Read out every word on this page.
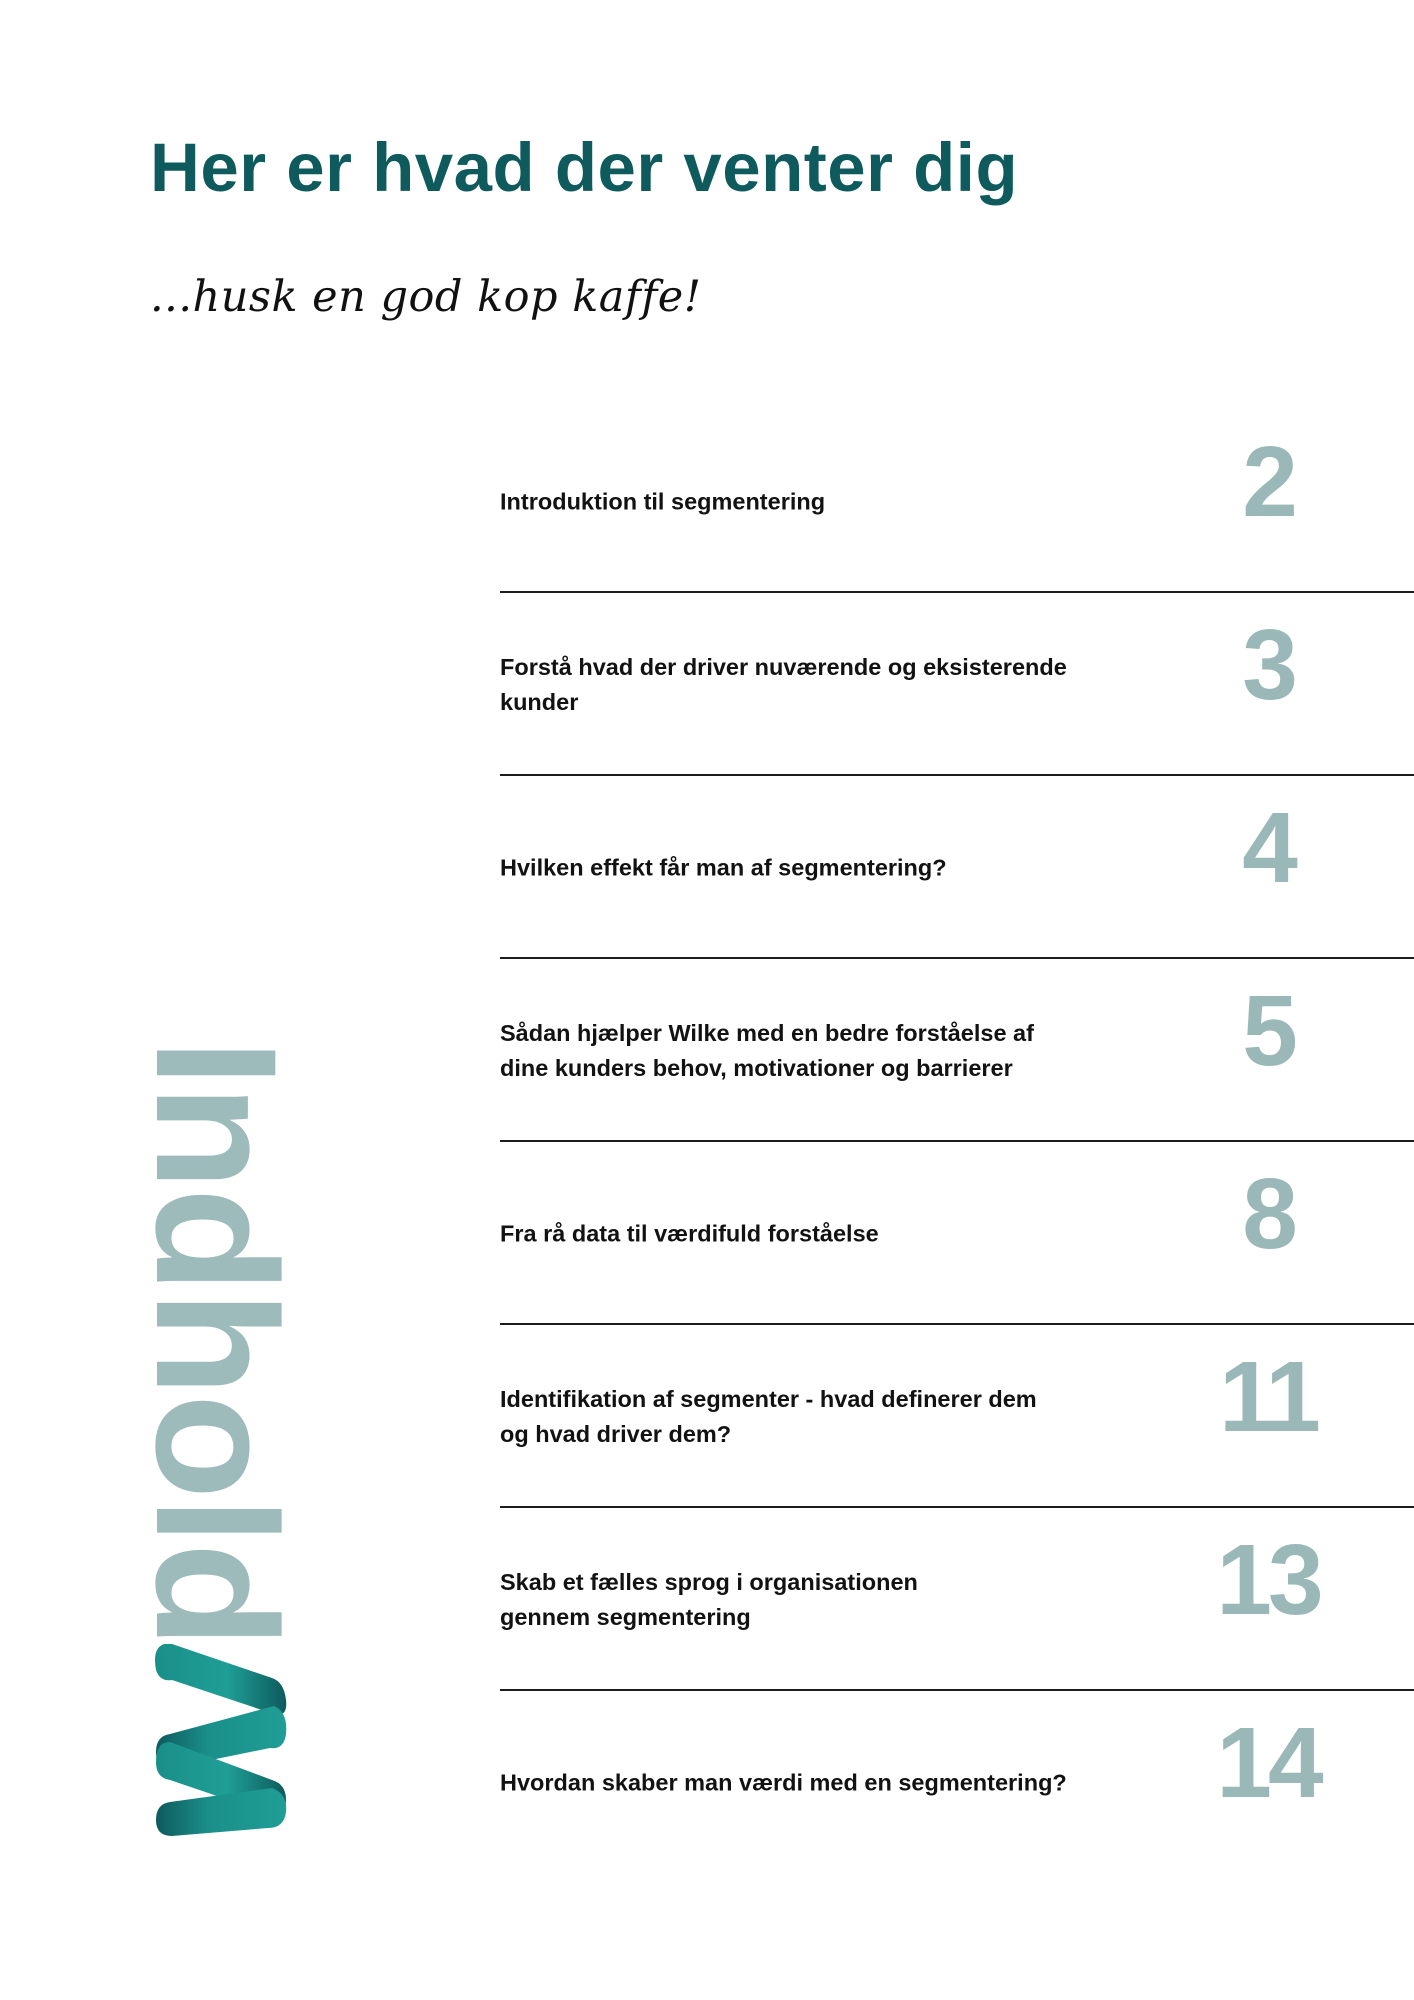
Her er hvad der venter dig

...husk en god kop kaffe!

Introduktion til segmentering	2
Forstå hvad der driver nuværende og eksisterende kunder	3
Hvilken effekt får man af segmentering?	4
Sådan hjælper Wilke med en bedre forståelse af
dine kunders behov, motivationer og barrierer	5
Fra rå data til værdifuld forståelse	8
Identifikation af segmenter - hvad definerer dem
og hvad driver dem?	11
Skab et fælles sprog i organisationen
gennem segmentering	13
Hvordan skaber man værdi med en segmentering?	14
Indhold
